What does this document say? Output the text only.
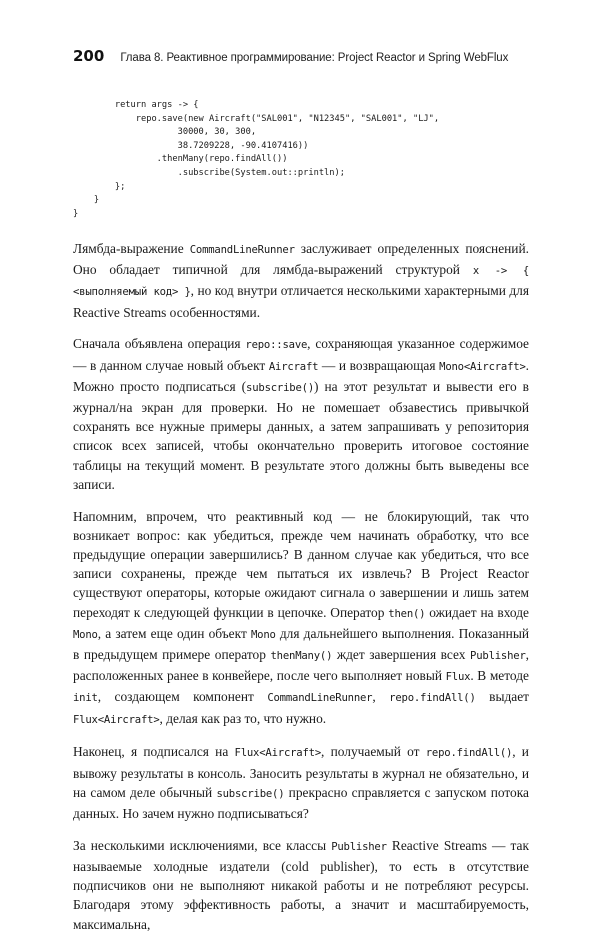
200 Глава 8. Реактивное программирование: Project Reactor и Spring WebFlux
return args -> {
repo.save(new Aircraft("SAL001", "N12345", "SAL001", "LJ",
30000, 30, 300,
38.7209228, -90.4107416))
.thenMany(repo.findAll())
.subscribe(System.out::println);
};
}
}

Лямбда-выражение CommandLineRunner заслуживает определенных пояснений. Оно обладает типичной для лямбда-выражений структурой x -> { <выполняемый код> }, но код внутри отличается несколькими характерными для Reactive Streams особенностями.

Сначала объявлена операция repo::save, сохраняющая указанное содержимое — в данном случае новый объект Aircraft — и возвращающая Mono<Aircraft>. Можно просто подписаться (subscribe()) на этот результат и вывести его в журнал/на экран для проверки. Но не помешает обзавестись привычкой сохранять все нужные примеры данных, а затем запрашивать у репозитория список всех записей, чтобы окончательно проверить итоговое состояние таблицы на текущий момент. В результате этого должны быть выведены все записи.

Напомним, впрочем, что реактивный код — не блокирующий, так что возникает вопрос: как убедиться, прежде чем начинать обработку, что все предыдущие операции завершились? В данном случае как убедиться, что все записи сохранены, прежде чем пытаться их извлечь? В Project Reactor существуют операторы, которые ожидают сигнала о завершении и лишь затем переходят к следующей функции в цепочке. Оператор then() ожидает на входе Mono, а затем еще один объект Mono для дальнейшего выполнения. Показанный в предыдущем примере оператор thenMany() ждет завершения всех Publisher, расположенных ранее в конвейере, после чего выполняет новый Flux. В методе init, создающем компонент CommandLineRunner, repo.findAll() выдает Flux<Aircraft>, делая как раз то, что нужно.

Наконец, я подписался на Flux<Aircraft>, получаемый от repo.findAll(), и вывожу результаты в консоль. Заносить результаты в журнал не обязательно, и на самом деле обычный subscribe() прекрасно справляется с запуском потока данных. Но зачем нужно подписываться?

За несколькими исключениями, все классы Publisher Reactive Streams — так называемые холодные издатели (cold publisher), то есть в отсутствие подписчиков они не выполняют никакой работы и не потребляют ресурсы. Благодаря этому эффективность работы, а значит и масштабируемость, максимальна,
